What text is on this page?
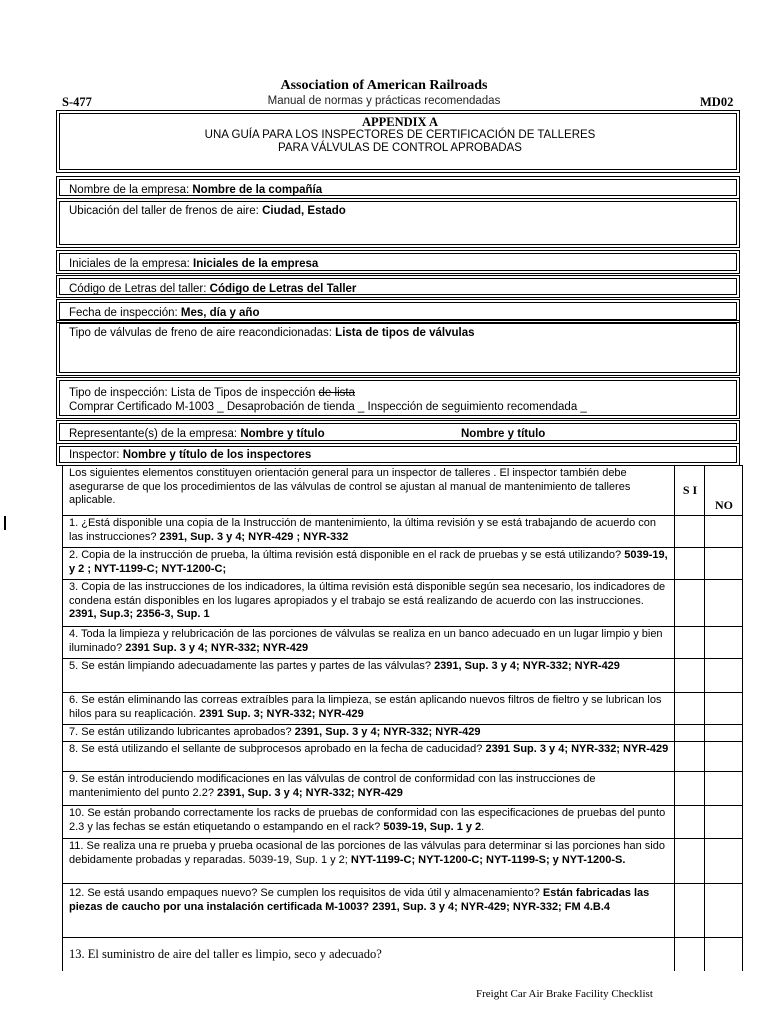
Association of American Railroads
S-477	Manual de normas y prácticas recomendadas	MD02
APPENDIX A
UNA GUÍA PARA LOS INSPECTORES DE CERTIFICACIÓN DE TALLERES
PARA VÁLVULAS DE CONTROL APROBADAS
Nombre de la empresa: Nombre de la compañía
Ubicación del taller de frenos de aire: Ciudad, Estado
Iniciales de la empresa: Iniciales de la empresa
Código de Letras del taller: Código de Letras del Taller
Fecha de inspección: Mes, día y año
Tipo de válvulas de freno de aire reacondicionadas: Lista de tipos de válvulas
Tipo de inspección: Lista de Tipos de inspección de lista
Comprar Certificado M-1003 _ Desaprobación de tienda _ Inspección de seguimiento recomendada _
Representante(s) de la empresa: Nombre y título	Nombre y título
Inspector: Nombre y título de los inspectores
Los siguientes elementos constituyen orientación general para un inspector de talleres . El inspector también debe asegurarse de que los procedimientos de las válvulas de control se ajustan al manual de mantenimiento de talleres aplicable.
S I
NO
1. ¿Está disponible una copia de la Instrucción de mantenimiento, la última revisión y se está trabajando de acuerdo con las instrucciones? 2391, Sup. 3 y 4; NYR-429 ; NYR-332
2. Copia de la instrucción de prueba, la última revisión está disponible en el rack de pruebas y se está utilizando? 5039-19, y 2 ; NYT-1199-C; NYT-1200-C;
3. Copia de las instrucciones de los indicadores, la última revisión está disponible según sea necesario, los indicadores de condena están disponibles en los lugares apropiados y el trabajo se está realizando de acuerdo con las instrucciones. 2391, Sup.3; 2356-3, Sup. 1
4. Toda la limpieza y relubricación de las porciones de válvulas se realiza en un banco adecuado en un lugar limpio y bien iluminado? 2391 Sup. 3 y 4; NYR-332; NYR-429
5. Se están limpiando adecuadamente las partes y partes de las válvulas? 2391, Sup. 3 y 4; NYR-332; NYR-429
6. Se están eliminando las correas extraíbles para la limpieza, se están aplicando nuevos filtros de fieltro y se lubrican los hilos para su reaplicación. 2391 Sup. 3; NYR-332; NYR-429
7. Se están utilizando lubricantes aprobados? 2391, Sup. 3 y 4; NYR-332; NYR-429
8. Se está utilizando el sellante de subprocesos aprobado en la fecha de caducidad? 2391 Sup. 3 y 4; NYR-332; NYR-429
9. Se están introduciendo modificaciones en las válvulas de control de conformidad con las instrucciones de mantenimiento del punto 2.2? 2391, Sup. 3 y 4; NYR-332; NYR-429
10. Se están probando correctamente los racks de pruebas de conformidad con las especificaciones de pruebas del punto 2.3 y las fechas se están etiquetando o estampando en el rack? 5039-19, Sup. 1 y 2.
11. Se realiza una re prueba y prueba ocasional de las porciones de las válvulas para determinar si las porciones han sido debidamente probadas y reparadas. 5039-19, Sup. 1 y 2; NYT-1199-C; NYT-1200-C; NYT-1199-S; y NYT-1200-S.
12. Se está usando empaques nuevo? Se cumplen los requisitos de vida útil y almacenamiento? Están fabricadas las piezas de caucho por una instalación certificada M-1003? 2391, Sup. 3 y 4; NYR-429; NYR-332; FM 4.B.4
13. El suministro de aire del taller es limpio, seco y adecuado?
Freight Car Air Brake Facility Checklist
